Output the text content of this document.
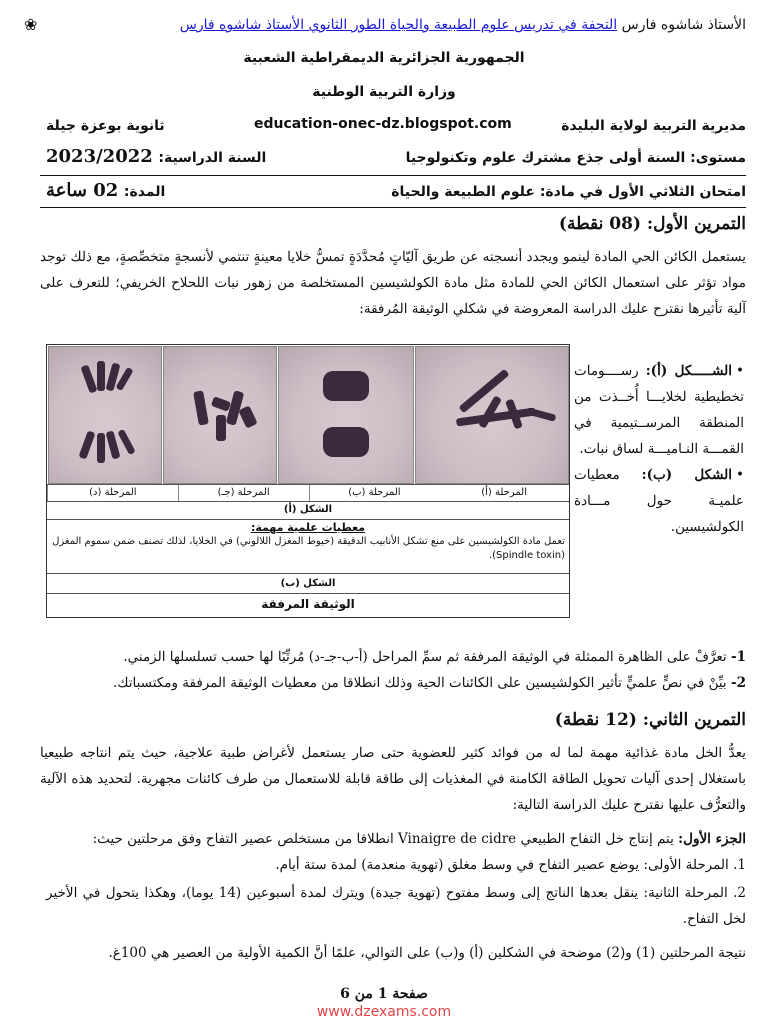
الأستاذ شاشوه فارس التحفة في تدريس علوم الطبيعة والحياة الطور الثانوي الأستاذ شاشوه فارس
❀
الجمهورية الجزائرية الديمقراطية الشعبية
وزارة التربية الوطنية
مديرية التربية لولاية البليدة
education-onec-dz.blogspot.com
ثانوية بوعزة جيلة
مستوى: السنة أولى جذع مشترك علوم وتكنولوجيا
السنة الدراسية: 2023/2022
امتحان الثلاثي الأول في مادة: علوم الطبيعة والحياة
المدة: 02 ساعة
التمرين الأول: (08 نقطة)
يستعمل الكائن الحي المادة لينمو ويجدد أنسجته عن طريق آليّاتٍ مُحدَّدَةٍ تمسُّ خلايا معينةٍ تنتمي لأنسجةٍ متخصِّصةٍ، مع ذلك توجد مواد تؤثر على استعمال الكائن الحي للمادة مثل مادة الكولشيسين المستخلصة من زهور نبات اللحلاح الخريفي؛ للتعرف على آلية تأثيرها نقترح عليك الدراسة المعروضة في شكلي الوثيقة المُرفقة:
المرحلة (أ)
المرحلة (ب)
المرحلة (جـ)
المرحلة (د)
الشكل (أ)
معطيات علمية مهمة:
تعمل مادة الكولشيسين على منع تشكل الأنابيب الدقيقة (خيوط المغزل اللالوني) في الخلايا، لذلك تصنف ضمن سموم المغزل (Spindle toxin).
الشكل (ب)
الوثيقة المرفقة
•الشـــــكل (أ): رســــومات تخطيطية لخلايـــا أُخــذت من المنطقة المرســتيمية في القمـــة النـاميـــة لساق نبات.
•الشكل (ب): معطيات علميـة حول مـــادة الكولشيسين.
1- تعرَّفْ على الظاهرة الممثلة في الوثيقة المرفقة ثم سمِّ المراحل (أ-ب-جـ-د) مُرتِّبًا لها حسب تسلسلها الزمني.
2- بيِّنْ في نصٍّ علميٍّ تأثير الكولشيسين على الكائنات الحية وذلك انطلاقا من معطيات الوثيقة المرفقة ومكتسباتك.
التمرين الثاني: (12 نقطة)
يعدُّ الخل مادة غذائية مهمة لما له من فوائد كثير للعضوية حتى صار يستعمل لأغراض طبية علاجية، حيث يتم انتاجه طبيعيا باستغلال إحدى آليات تحويل الطاقة الكامنة في المغذيات إلى طاقة قابلة للاستعمال من طرف كائنات مجهرية. لتحديد هذه الآلية والتعرُّف عليها نقترح عليك الدراسة التالية:
الجزء الأول: يتم إنتاج خل التفاح الطبيعي Vinaigre de cidre انطلاقا من مستخلص عصير التفاح وفق مرحلتين حيث:
1. المرحلة الأولى: يوضع عصير التفاح في وسط مغلق (تهوية منعدمة) لمدة ستة أيام.
2. المرحلة الثانية: ينقل بعدها الناتج إلى وسط مفتوح (تهوية جيدة) ويترك لمدة أسبوعين (14 يوما)، وهكذا يتحول في الأخير لخل التفاح.
نتيجة المرحلتين (1) و(2) موضحة في الشكلين (أ) و(ب) على التوالي، علمًا أنَّ الكمية الأولية من العصير هي 100غ.
صفحة 1 من 6
www.dzexams.com
